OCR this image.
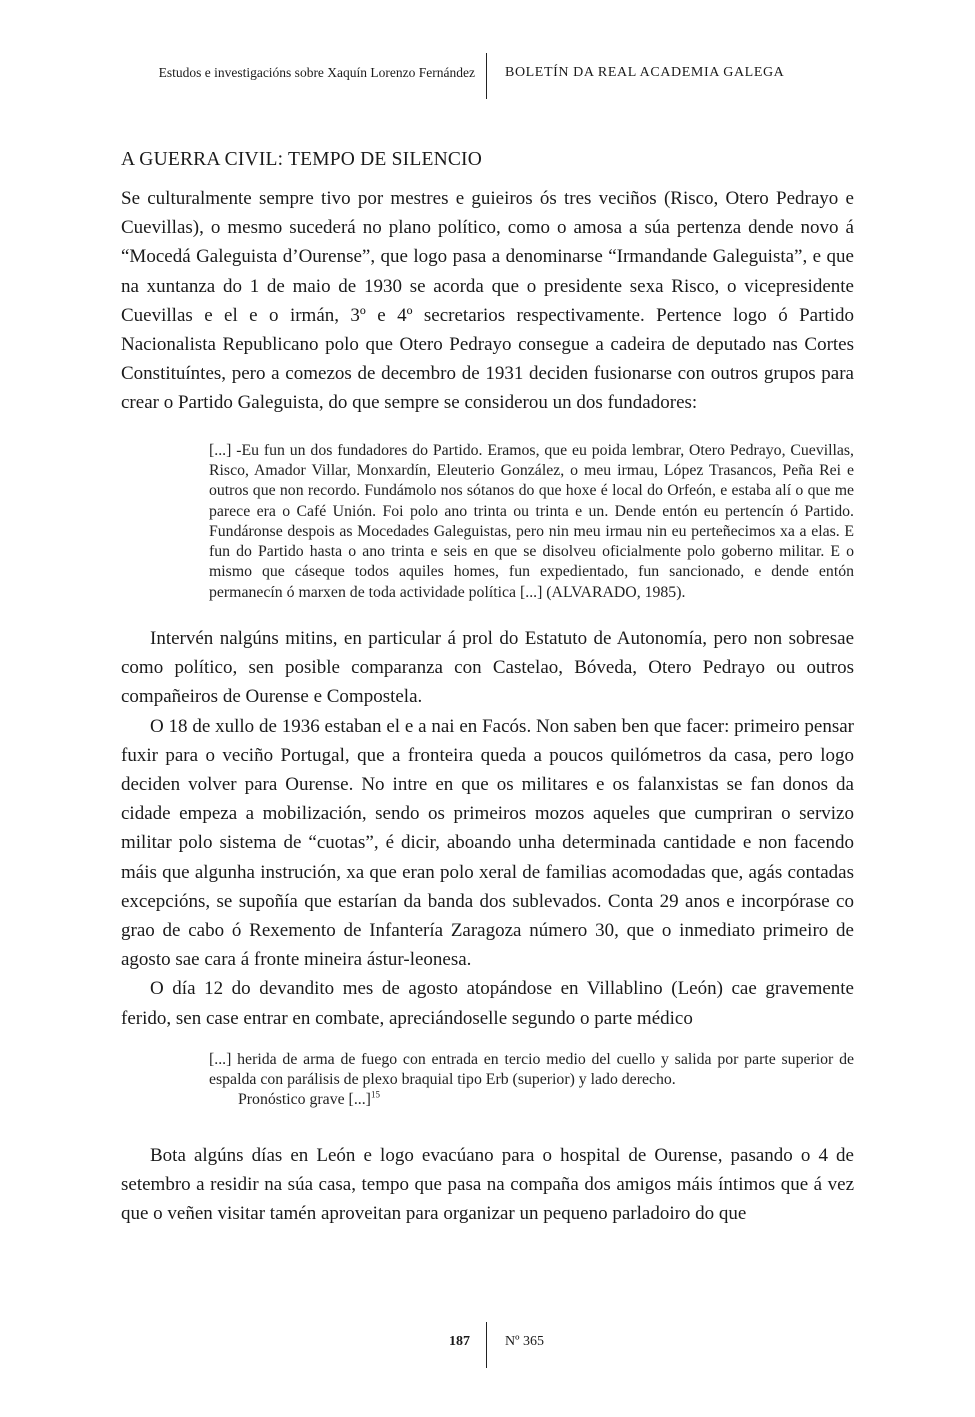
Estudos e investigacións sobre Xaquín Lorenzo Fernández BOLETÍN DA REAL ACADEMIA GALEGA
A GUERRA CIVIL: TEMPO DE SILENCIO

Se culturalmente sempre tivo por mestres e guieiros ós tres veciños (Risco, Otero Pedrayo e Cuevillas), o mesmo sucederá no plano político, como o amosa a súa pertenza dende novo á “Mocedá Galeguista d’Ourense”, que logo pasa a denominarse “Irmandande Galeguista”, e que na xuntanza do 1 de maio de 1930 se acorda que o presidente sexa Risco, o vicepresidente Cuevillas e el e o irmán, 3º e 4º secretarios respectivamente. Pertence logo ó Partido Nacionalista Republicano polo que Otero Pedrayo consegue a cadeira de deputado nas Cortes Constituíntes, pero a comezos de decembro de 1931 deciden fusionarse con outros grupos para crear o Partido Galeguista, do que sempre se considerou un dos fundadores:

[...] -Eu fun un dos fundadores do Partido. Eramos, que eu poida lembrar, Otero Pedrayo, Cuevillas, Risco, Amador Villar, Monxardín, Eleuterio González, o meu irmau, López Trasancos, Peña Rei e outros que non recordo. Fundámolo nos sótanos do que hoxe é local do Orfeón, e estaba alí o que me parece era o Café Unión. Foi polo ano trinta ou trinta e un. Dende entón eu pertencín ó Partido. Fundáronse despois as Mocedades Galeguistas, pero nin meu irmau nin eu perteñecimos xa a elas. E fun do Partido hasta o ano trinta e seis en que se disolveu oficialmente polo goberno militar. E o mismo que cáseque todos aquiles homes, fun expedientado, fun sancionado, e dende entón permanecín ó marxen de toda actividade política [...] (ALVARADO, 1985).

Intervén nalgúns mitins, en particular á prol do Estatuto de Autonomía, pero non sobresae como político, sen posible comparanza con Castelao, Bóveda, Otero Pedrayo ou outros compañeiros de Ourense e Compostela.

O 18 de xullo de 1936 estaban el e a nai en Facós. Non saben ben que facer: primeiro pensar fuxir para o veciño Portugal, que a fronteira queda a poucos quilómetros da casa, pero logo deciden volver para Ourense. No intre en que os militares e os falanxistas se fan donos da cidade empeza a mobilización, sendo os primeiros mozos aqueles que cumpriran o servizo militar polo sistema de “cuotas”, é dicir, aboando unha determinada cantidade e non facendo máis que algunha instrución, xa que eran polo xeral de familias acomodadas que, agás contadas excepcións, se supoñía que estarían da banda dos sublevados. Conta 29 anos e incorpórase co grao de cabo ó Rexemento de Infantería Zaragoza número 30, que o inmediato primeiro de agosto sae cara á fronte mineira ástur-leonesa.

O día 12 do devandito mes de agosto atopándose en Villablino (León) cae gravemente ferido, sen case entrar en combate, apreciándoselle segundo o parte médico

[...] herida de arma de fuego con entrada en tercio medio del cuello y salida por parte superior de espalda con parálisis de plexo braquial tipo Erb (superior) y lado derecho.
Pronóstico grave [...]$^{15}$

Bota algúns días en León e logo evacúano para o hospital de Ourense, pasando o 4 de setembro a residir na súa casa, tempo que pasa na compaña dos amigos máis íntimos que á vez que o veñen visitar tamén aproveitan para organizar un pequeno parladoiro do que

187	Nº 365
